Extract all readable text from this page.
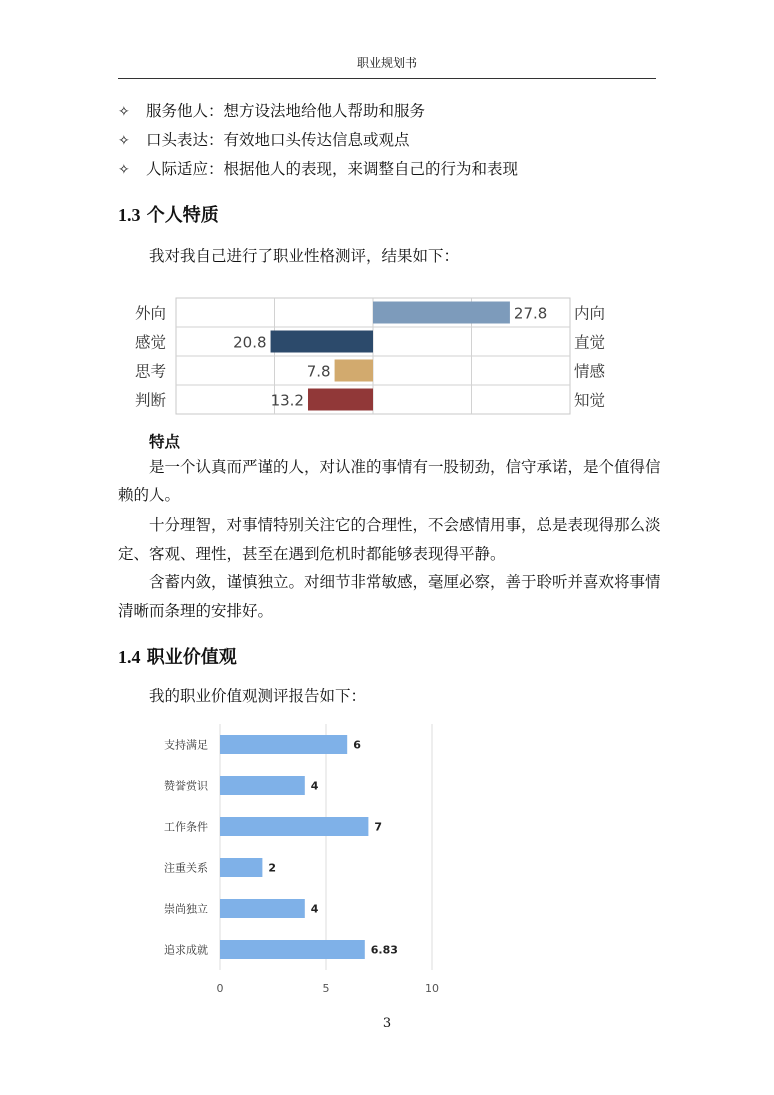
职业规划书
✧ 服务他人：想方设法地给他人帮助和服务
✧ 口头表达：有效地口头传达信息或观点
✧ 人际适应：根据他人的表现，来调整自己的行为和表现
1.3 个人特质
我对我自己进行了职业性格测评，结果如下：
27.8
外向	内向
20.8
感觉	直觉
7.8
思考	情感
13.2
判断	知觉
特点
是一个认真而严谨的人，对认准的事情有一股韧劲，信守承诺，是个值得信
赖的人。
十分理智，对事情特别关注它的合理性，不会感情用事，总是表现得那么淡
定、客观、理性，甚至在遇到危机时都能够表现得平静。
含蓄内敛，谨慎独立。对细节非常敏感，毫厘必察，善于聆听并喜欢将事情
清晰而条理的安排好。
1.4 职业价值观
我的职业价值观测评报告如下：
0	5	10
6
支持满足
4
赞誉赏识
7
工作条件
2
注重关系
4
崇尚独立
6.83
追求成就
3
